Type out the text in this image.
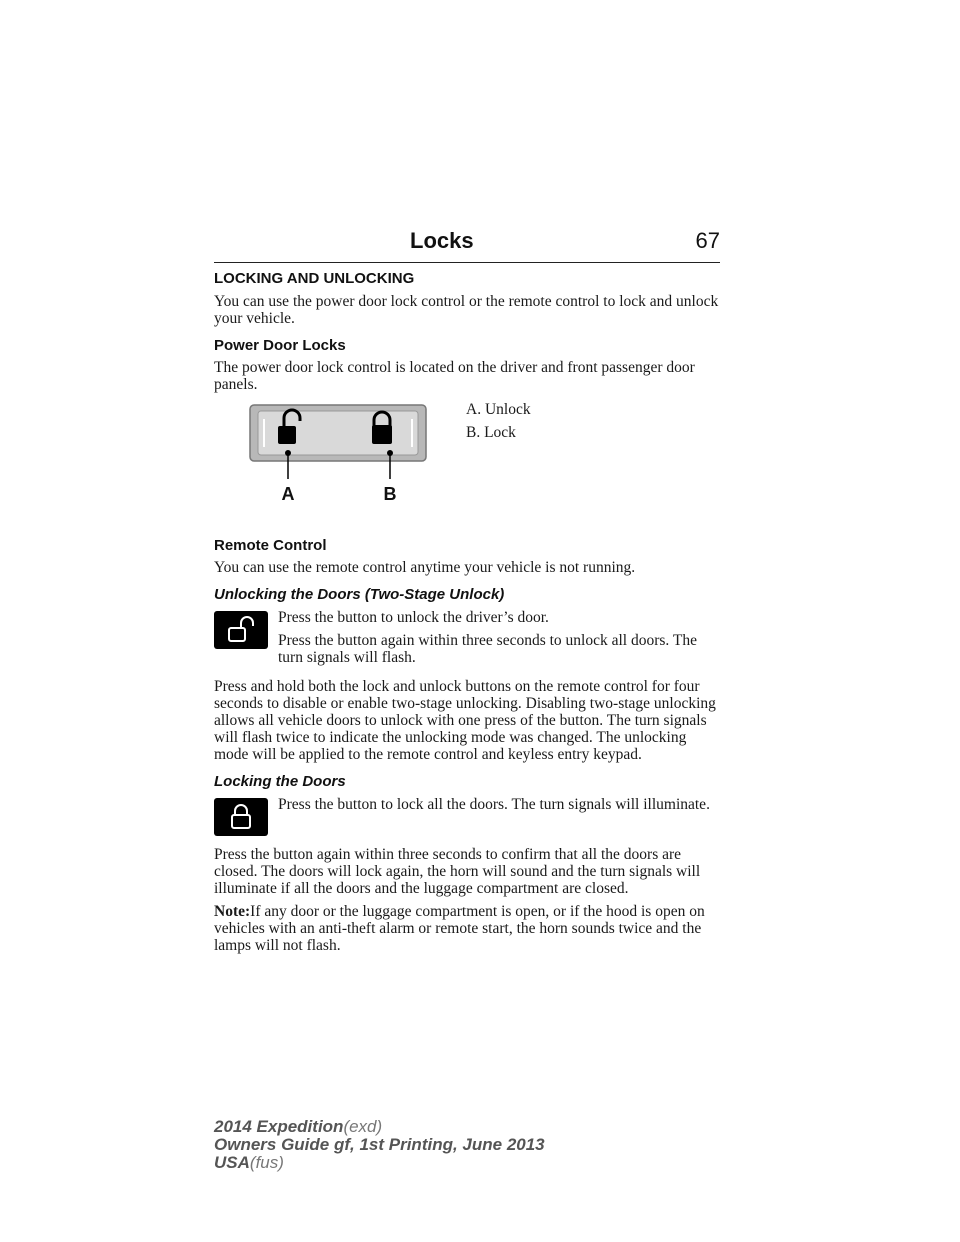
Locks	67
LOCKING AND UNLOCKING

You can use the power door lock control or the remote control to lock and unlock your vehicle.

Power Door Locks

The power door lock control is located on the driver and front passenger door panels.

A	B

A. Unlock

B. Lock

Remote Control

You can use the remote control anytime your vehicle is not running.

Unlocking the Doors (Two-Stage Unlock)

Press the button to unlock the driver’s door.

Press the button again within three seconds to unlock all doors. The turn signals will flash.

Press and hold both the lock and unlock buttons on the remote control for four seconds to disable or enable two-stage unlocking. Disabling two-stage unlocking allows all vehicle doors to unlock with one press of the button. The turn signals will flash twice to indicate the unlocking mode was changed. The unlocking mode will be applied to the remote control and keyless entry keypad.

Locking the Doors

Press the button to lock all the doors. The turn signals will illuminate.

Press the button again within three seconds to confirm that all the doors are closed. The doors will lock again, the horn will sound and the turn signals will illuminate if all the doors and the luggage compartment are closed.

Note:If any door or the luggage compartment is open, or if the hood is open on vehicles with an anti-theft alarm or remote start, the horn sounds twice and the lamps will not flash.

2014 Expedition(exd)
Owners Guide gf, 1st Printing, June 2013
USA(fus)
